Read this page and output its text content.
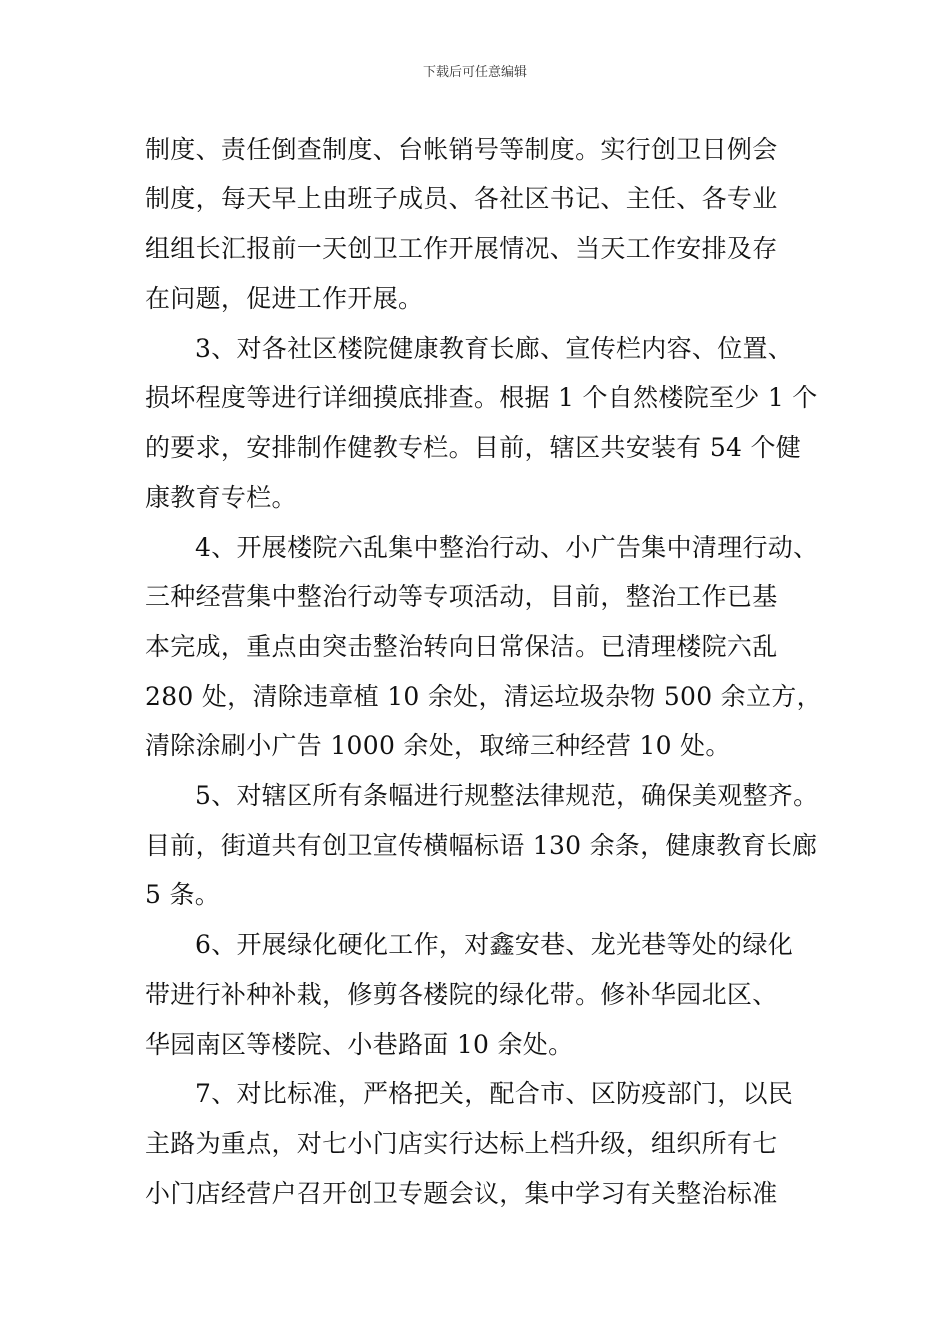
下载后可任意编辑
制度、责任倒查制度、台帐销号等制度。实行创卫日例会
制度，每天早上由班子成员、各社区书记、主任、各专业
组组长汇报前一天创卫工作开展情况、当天工作安排及存
在问题，促进工作开展。
3、对各社区楼院健康教育长廊、宣传栏内容、位置、
损坏程度等进行详细摸底排查。根据 1 个自然楼院至少 1 个
的要求，安排制作健教专栏。目前，辖区共安装有 54 个健
康教育专栏。
4、开展楼院六乱集中整治行动、小广告集中清理行动、
三种经营集中整治行动等专项活动，目前，整治工作已基
本完成，重点由突击整治转向日常保洁。已清理楼院六乱
280 处，清除违章植 10 余处，清运垃圾杂物 500 余立方，
清除涂刷小广告 1000 余处，取缔三种经营 10 处。
5、对辖区所有条幅进行规整法律规范，确保美观整齐。
目前，街道共有创卫宣传横幅标语 130 余条，健康教育长廊
5 条。
6、开展绿化硬化工作，对鑫安巷、龙光巷等处的绿化
带进行补种补栽，修剪各楼院的绿化带。修补华园北区、
华园南区等楼院、小巷路面 10 余处。
7、对比标准，严格把关，配合市、区防疫部门，以民
主路为重点，对七小门店实行达标上档升级，组织所有七
小门店经营户召开创卫专题会议，集中学习有关整治标准
